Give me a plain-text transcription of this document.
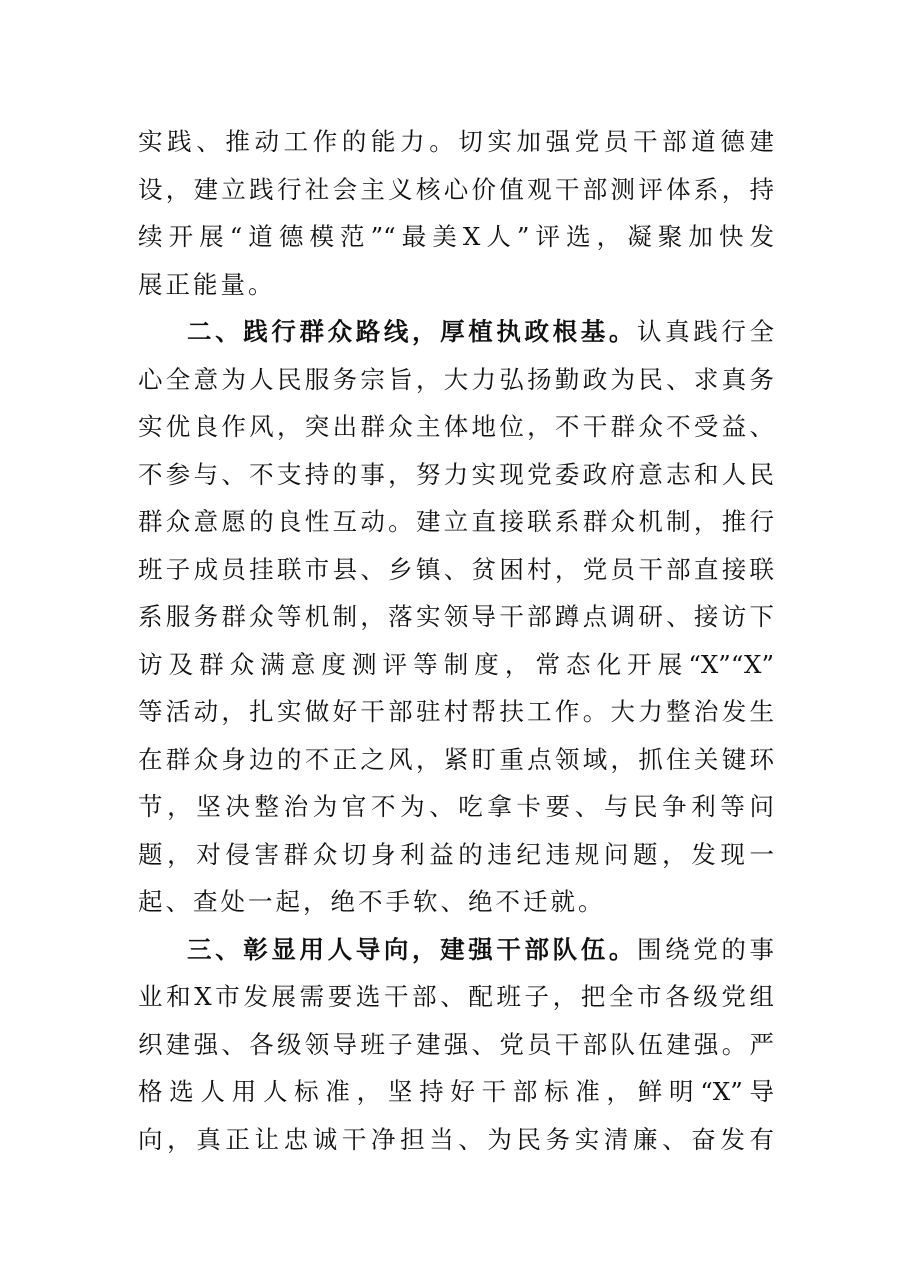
实践、推动工作的能力。切实加强党员干部道德建
设，建立践行社会主义核心价值观干部测评体系，持
续开展“道德模范”“最美X人”评选，凝聚加快发
展正能量。
二、践行群众路线，厚植执政根基。认真践行全
心全意为人民服务宗旨，大力弘扬勤政为民、求真务
实优良作风，突出群众主体地位，不干群众不受益、
不参与、不支持的事，努力实现党委政府意志和人民
群众意愿的良性互动。建立直接联系群众机制，推行
班子成员挂联市县、乡镇、贫困村，党员干部直接联
系服务群众等机制，落实领导干部蹲点调研、接访下
访及群众满意度测评等制度，常态化开展“X”“X”
等活动，扎实做好干部驻村帮扶工作。大力整治发生
在群众身边的不正之风，紧盯重点领域，抓住关键环
节，坚决整治为官不为、吃拿卡要、与民争利等问
题，对侵害群众切身利益的违纪违规问题，发现一
起、查处一起，绝不手软、绝不迁就。
三、彰显用人导向，建强干部队伍。围绕党的事
业和X市发展需要选干部、配班子，把全市各级党组
织建强、各级领导班子建强、党员干部队伍建强。严
格选人用人标准，坚持好干部标准，鲜明“X”导
向，真正让忠诚干净担当、为民务实清廉、奋发有
